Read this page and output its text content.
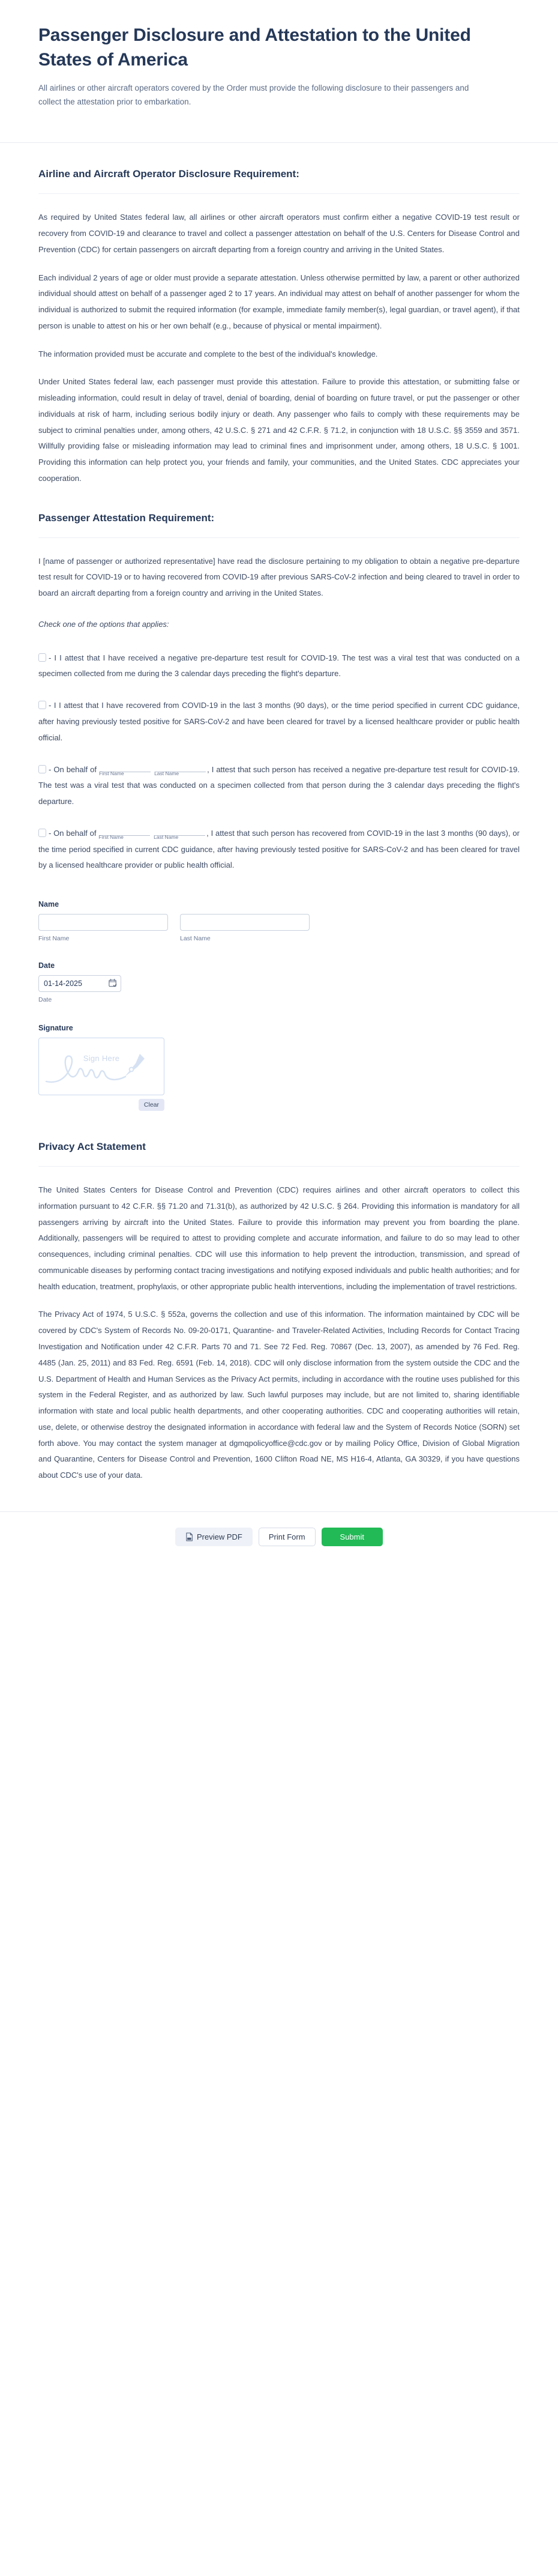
Passenger Disclosure and Attestation to the United States of America

All airlines or other aircraft operators covered by the Order must provide the following disclosure to their passengers and collect the attestation prior to embarkation.

Airline and Aircraft Operator Disclosure Requirement:

As required by United States federal law, all airlines or other aircraft operators must confirm either a negative COVID-19 test result or recovery from COVID-19 and clearance to travel and collect a passenger attestation on behalf of the U.S. Centers for Disease Control and Prevention (CDC) for certain passengers on aircraft departing from a foreign country and arriving in the United States.

Each individual 2 years of age or older must provide a separate attestation. Unless otherwise permitted by law, a parent or other authorized individual should attest on behalf of a passenger aged 2 to 17 years. An individual may attest on behalf of another passenger for whom the individual is authorized to submit the required information (for example, immediate family member(s), legal guardian, or travel agent), if that person is unable to attest on his or her own behalf (e.g., because of physical or mental impairment).

The information provided must be accurate and complete to the best of the individual's knowledge.

Under United States federal law, each passenger must provide this attestation. Failure to provide this attestation, or submitting false or misleading information, could result in delay of travel, denial of boarding, denial of boarding on future travel, or put the passenger or other individuals at risk of harm, including serious bodily injury or death. Any passenger who fails to comply with these requirements may be subject to criminal penalties under, among others, 42 U.S.C. § 271 and 42 C.F.R. § 71.2, in conjunction with 18 U.S.C. §§ 3559 and 3571. Willfully providing false or misleading information may lead to criminal fines and imprisonment under, among others, 18 U.S.C. § 1001. Providing this information can help protect you, your friends and family, your communities, and the United States. CDC appreciates your cooperation.

Passenger Attestation Requirement:

I [name of passenger or authorized representative] have read the disclosure pertaining to my obligation to obtain a negative pre-departure test result for COVID-19 or to having recovered from COVID-19 after previous SARS-CoV-2 infection and being cleared to travel in order to board an aircraft departing from a foreign country and arriving in the United States.

Check one of the options that applies:
- I I attest that I have received a negative pre-departure test result for COVID-19. The test was a viral test that was conducted on a specimen collected from me during the 3 calendar days preceding the flight's departure.
- I I attest that I have recovered from COVID-19 in the last 3 months (90 days), or the time period specified in current CDC guidance, after having previously tested positive for SARS-CoV-2 and have been cleared for travel by a licensed healthcare provider or public health official.
- On behalf of First Name
	Last Name	, I attest that such person has received a negative pre-departure test result for COVID-19. The test was a viral test that was conducted on a specimen collected from that person during the 3 calendar days preceding the flight's departure.
- On behalf of First Name
	Last Name	, I attest that such person has recovered from COVID-19 in the last 3 months (90 days), or the time period specified in current CDC guidance, after having previously tested positive for SARS-CoV-2 and has been cleared for travel by a licensed healthcare provider or public health official.
Name
First Name	Last Name
Date
01-14-2025
Date
Signature
Sign Here
Clear
Privacy Act Statement

The United States Centers for Disease Control and Prevention (CDC) requires airlines and other aircraft operators to collect this information pursuant to 42 C.F.R. §§ 71.20 and 71.31(b), as authorized by 42 U.S.C. § 264. Providing this information is mandatory for all passengers arriving by aircraft into the United States. Failure to provide this information may prevent you from boarding the plane. Additionally, passengers will be required to attest to providing complete and accurate information, and failure to do so may lead to other consequences, including criminal penalties. CDC will use this information to help prevent the introduction, transmission, and spread of communicable diseases by performing contact tracing investigations and notifying exposed individuals and public health authorities; and for health education, treatment, prophylaxis, or other appropriate public health interventions, including the implementation of travel restrictions.

The Privacy Act of 1974, 5 U.S.C. § 552a, governs the collection and use of this information. The information maintained by CDC will be covered by CDC's System of Records No. 09-20-0171, Quarantine- and Traveler-Related Activities, Including Records for Contact Tracing Investigation and Notification under 42 C.F.R. Parts 70 and 71. See 72 Fed. Reg. 70867 (Dec. 13, 2007), as amended by 76 Fed. Reg. 4485 (Jan. 25, 2011) and 83 Fed. Reg. 6591 (Feb. 14, 2018). CDC will only disclose information from the system outside the CDC and the U.S. Department of Health and Human Services as the Privacy Act permits, including in accordance with the routine uses published for this system in the Federal Register, and as authorized by law. Such lawful purposes may include, but are not limited to, sharing identifiable information with state and local public health departments, and other cooperating authorities. CDC and cooperating authorities will retain, use, delete, or otherwise destroy the designated information in accordance with federal law and the System of Records Notice (SORN) set forth above. You may contact the system manager at dgmqpolicyoffice@cdc.gov or by mailing Policy Office, Division of Global Migration and Quarantine, Centers for Disease Control and Prevention, 1600 Clifton Road NE, MS H16-4, Atlanta, GA 30329, if you have questions about CDC's use of your data.

Preview PDF	Print Form	Submit
